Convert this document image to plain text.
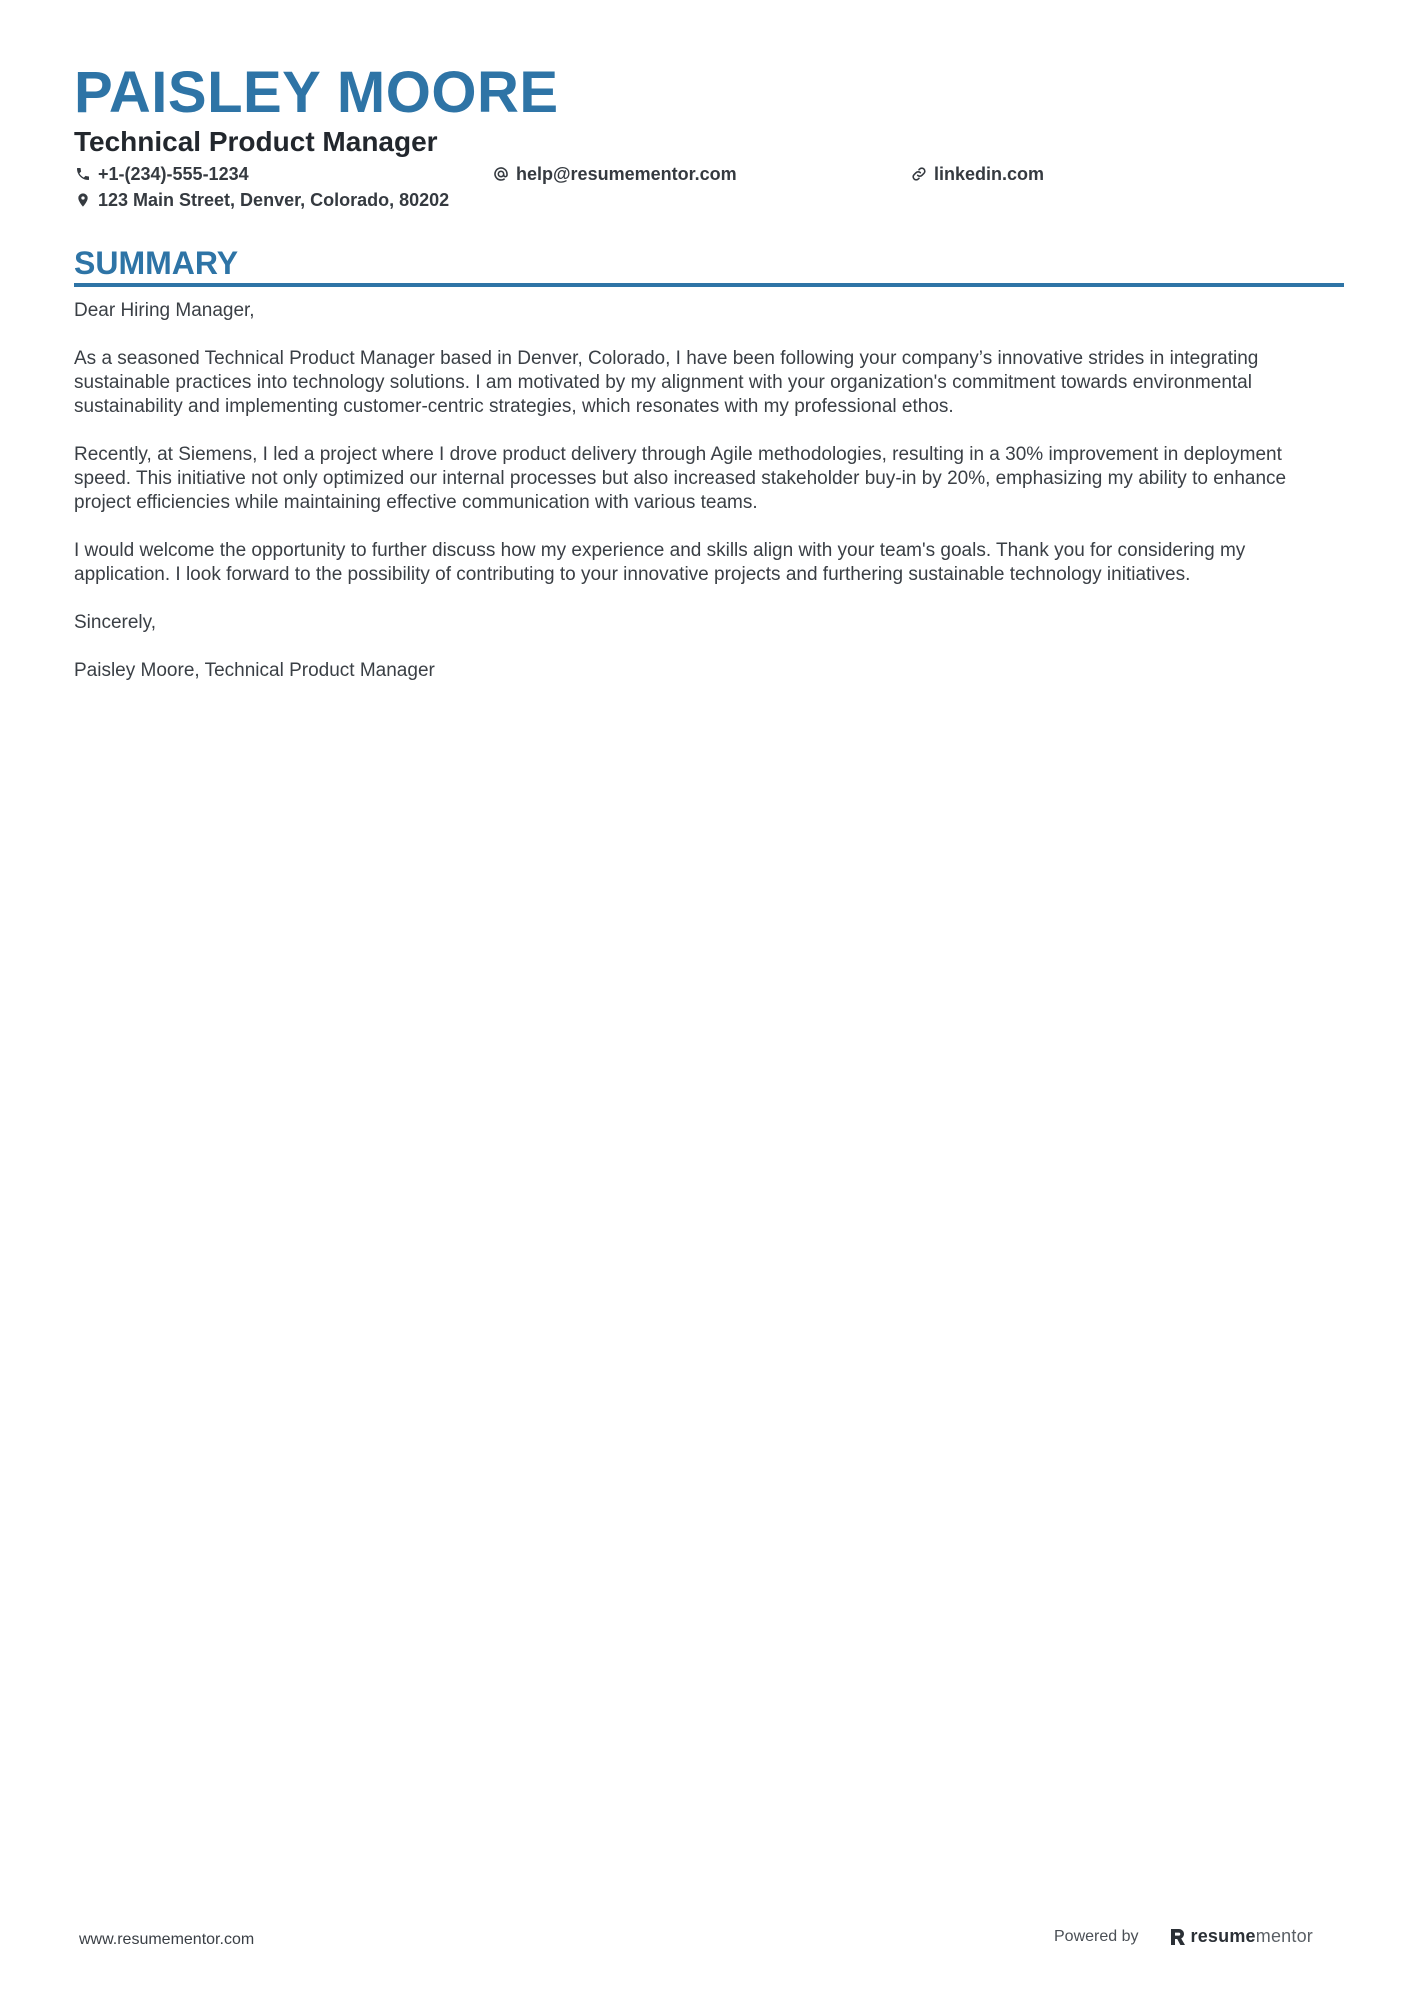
PAISLEY MOORE
Technical Product Manager
+1-(234)-555-1234	help@resumementor.com	linkedin.com
123 Main Street, Denver, Colorado, 80202
SUMMARY

Dear Hiring Manager,

As a seasoned Technical Product Manager based in Denver, Colorado, I have been following your company’s innovative strides in integrating sustainable practices into technology solutions. I am motivated by my alignment with your organization's commitment towards environmental sustainability and implementing customer-centric strategies, which resonates with my professional ethos.

Recently, at Siemens, I led a project where I drove product delivery through Agile methodologies, resulting in a 30% improvement in deployment speed. This initiative not only optimized our internal processes but also increased stakeholder buy-in by 20%, emphasizing my ability to enhance project efficiencies while maintaining effective communication with various teams.

I would welcome the opportunity to further discuss how my experience and skills align with your team's goals. Thank you for considering my application. I look forward to the possibility of contributing to your innovative projects and furthering sustainable technology initiatives.

Sincerely,

Paisley Moore, Technical Product Manager

www.resumementor.com	Powered by	resumementor
